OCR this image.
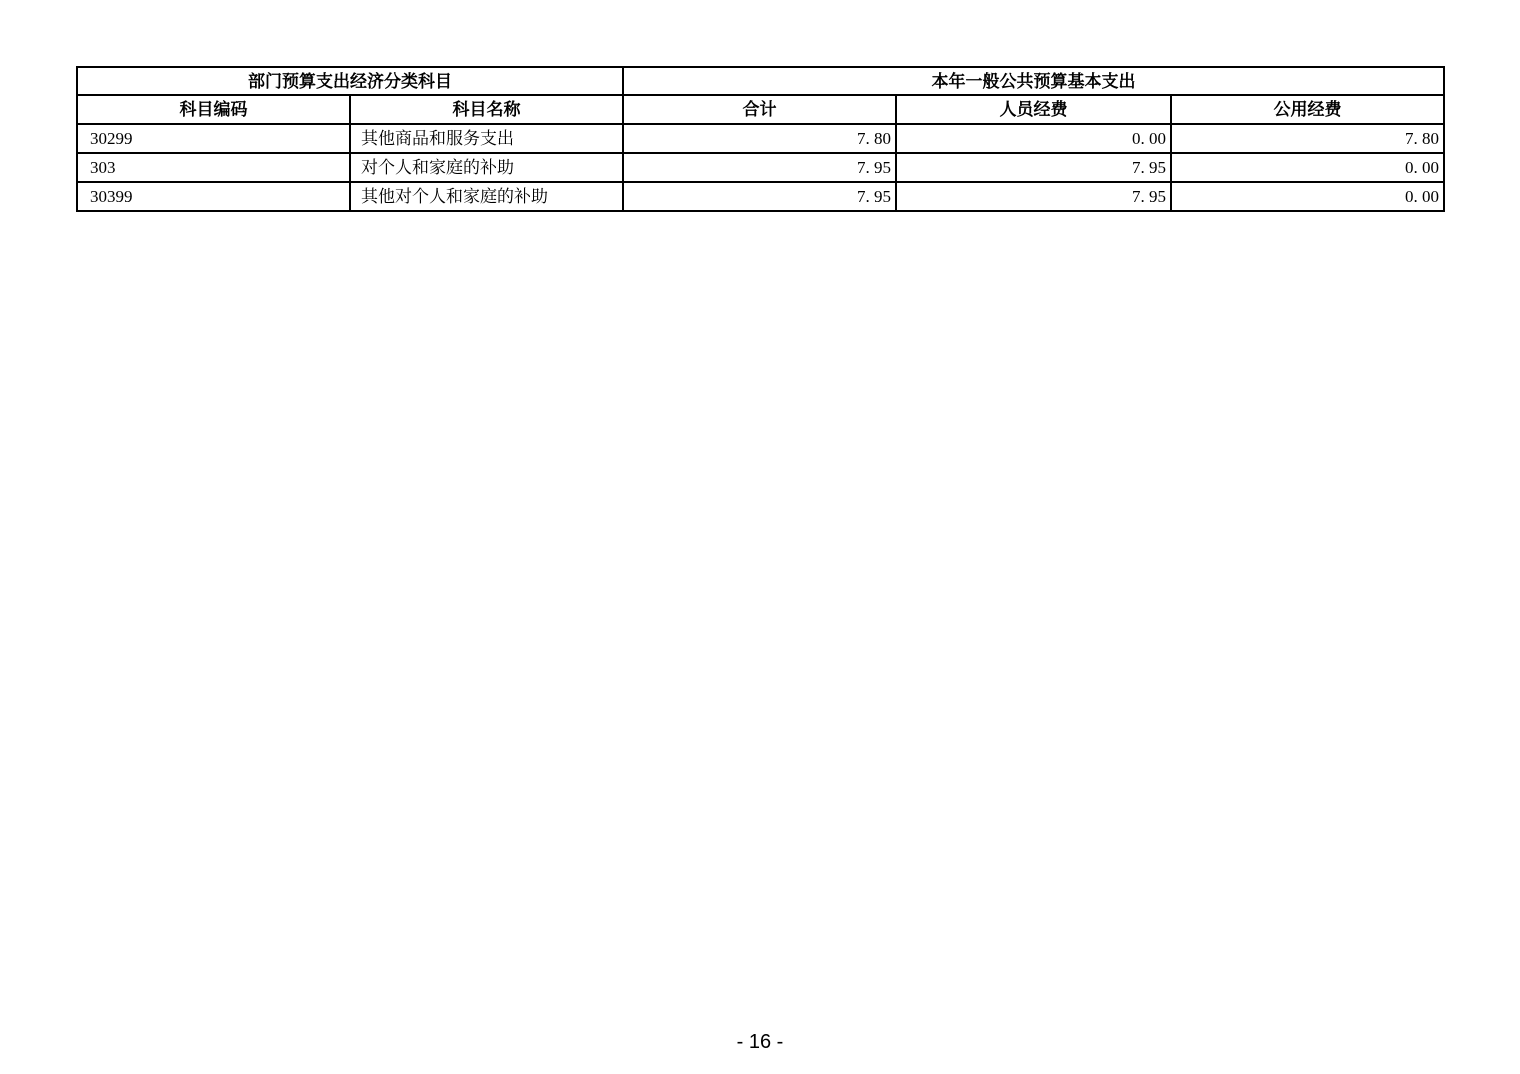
部门预算支出经济分类科目		本年一般公共预算基本支出		
科目编码	科目名称	合计	人员经费	公用经费
30299	其他商品和服务支出	7. 80	0. 00	7. 80
303	对个人和家庭的补助	7. 95	7. 95	0. 00
30399	其他对个人和家庭的补助	7. 95	7. 95	0. 00
- 16 -
